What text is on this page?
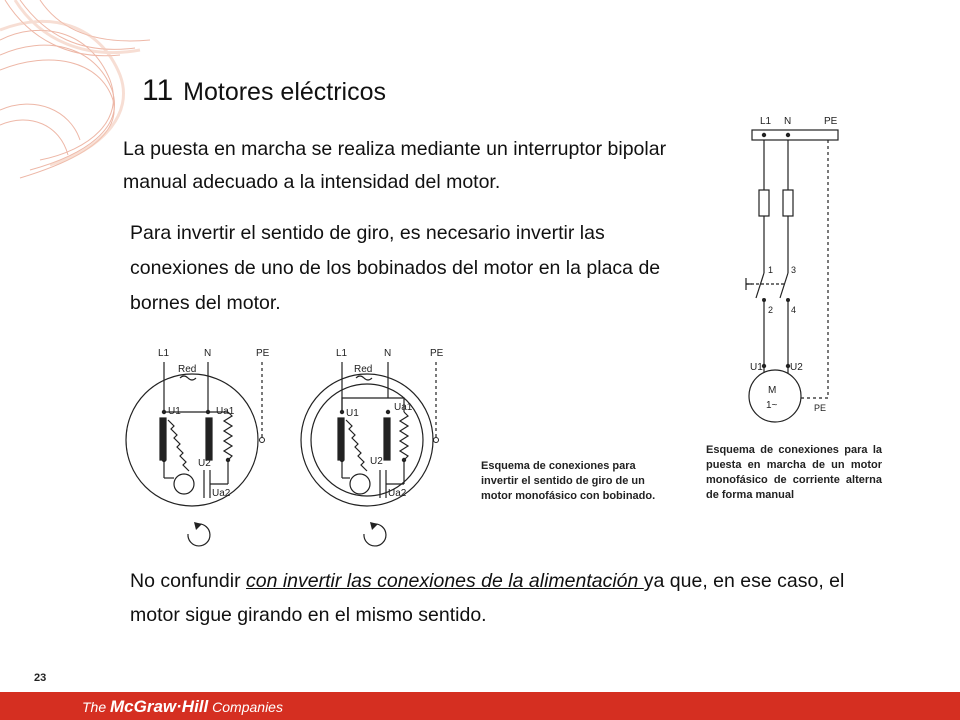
11 Motores eléctricos
La puesta en marcha se realiza mediante un interruptor bipolar manual adecuado a la intensidad del motor.
Para invertir el sentido de giro, es necesario invertir las conexiones de uno de los bobinados del motor en la placa de bornes del motor.
L1 N	PE
1 3
2 4
U1	U2
M
1~	PE
L1	N	PE
Red
U1	Ua1
U2
Ua2
L1	N	PE
Red
U1
Ua1
U2
Ua2
Esquema de conexiones para invertir el sentido de giro de un motor monofásico con bobinado.
Esquema de conexiones para la puesta en marcha de un motor monofásico de corriente alterna de forma manual
No confundir con invertir las conexiones de la alimentación ya que, en ese caso, el motor sigue girando en el mismo sentido.
23
The McGraw·Hill Companies
